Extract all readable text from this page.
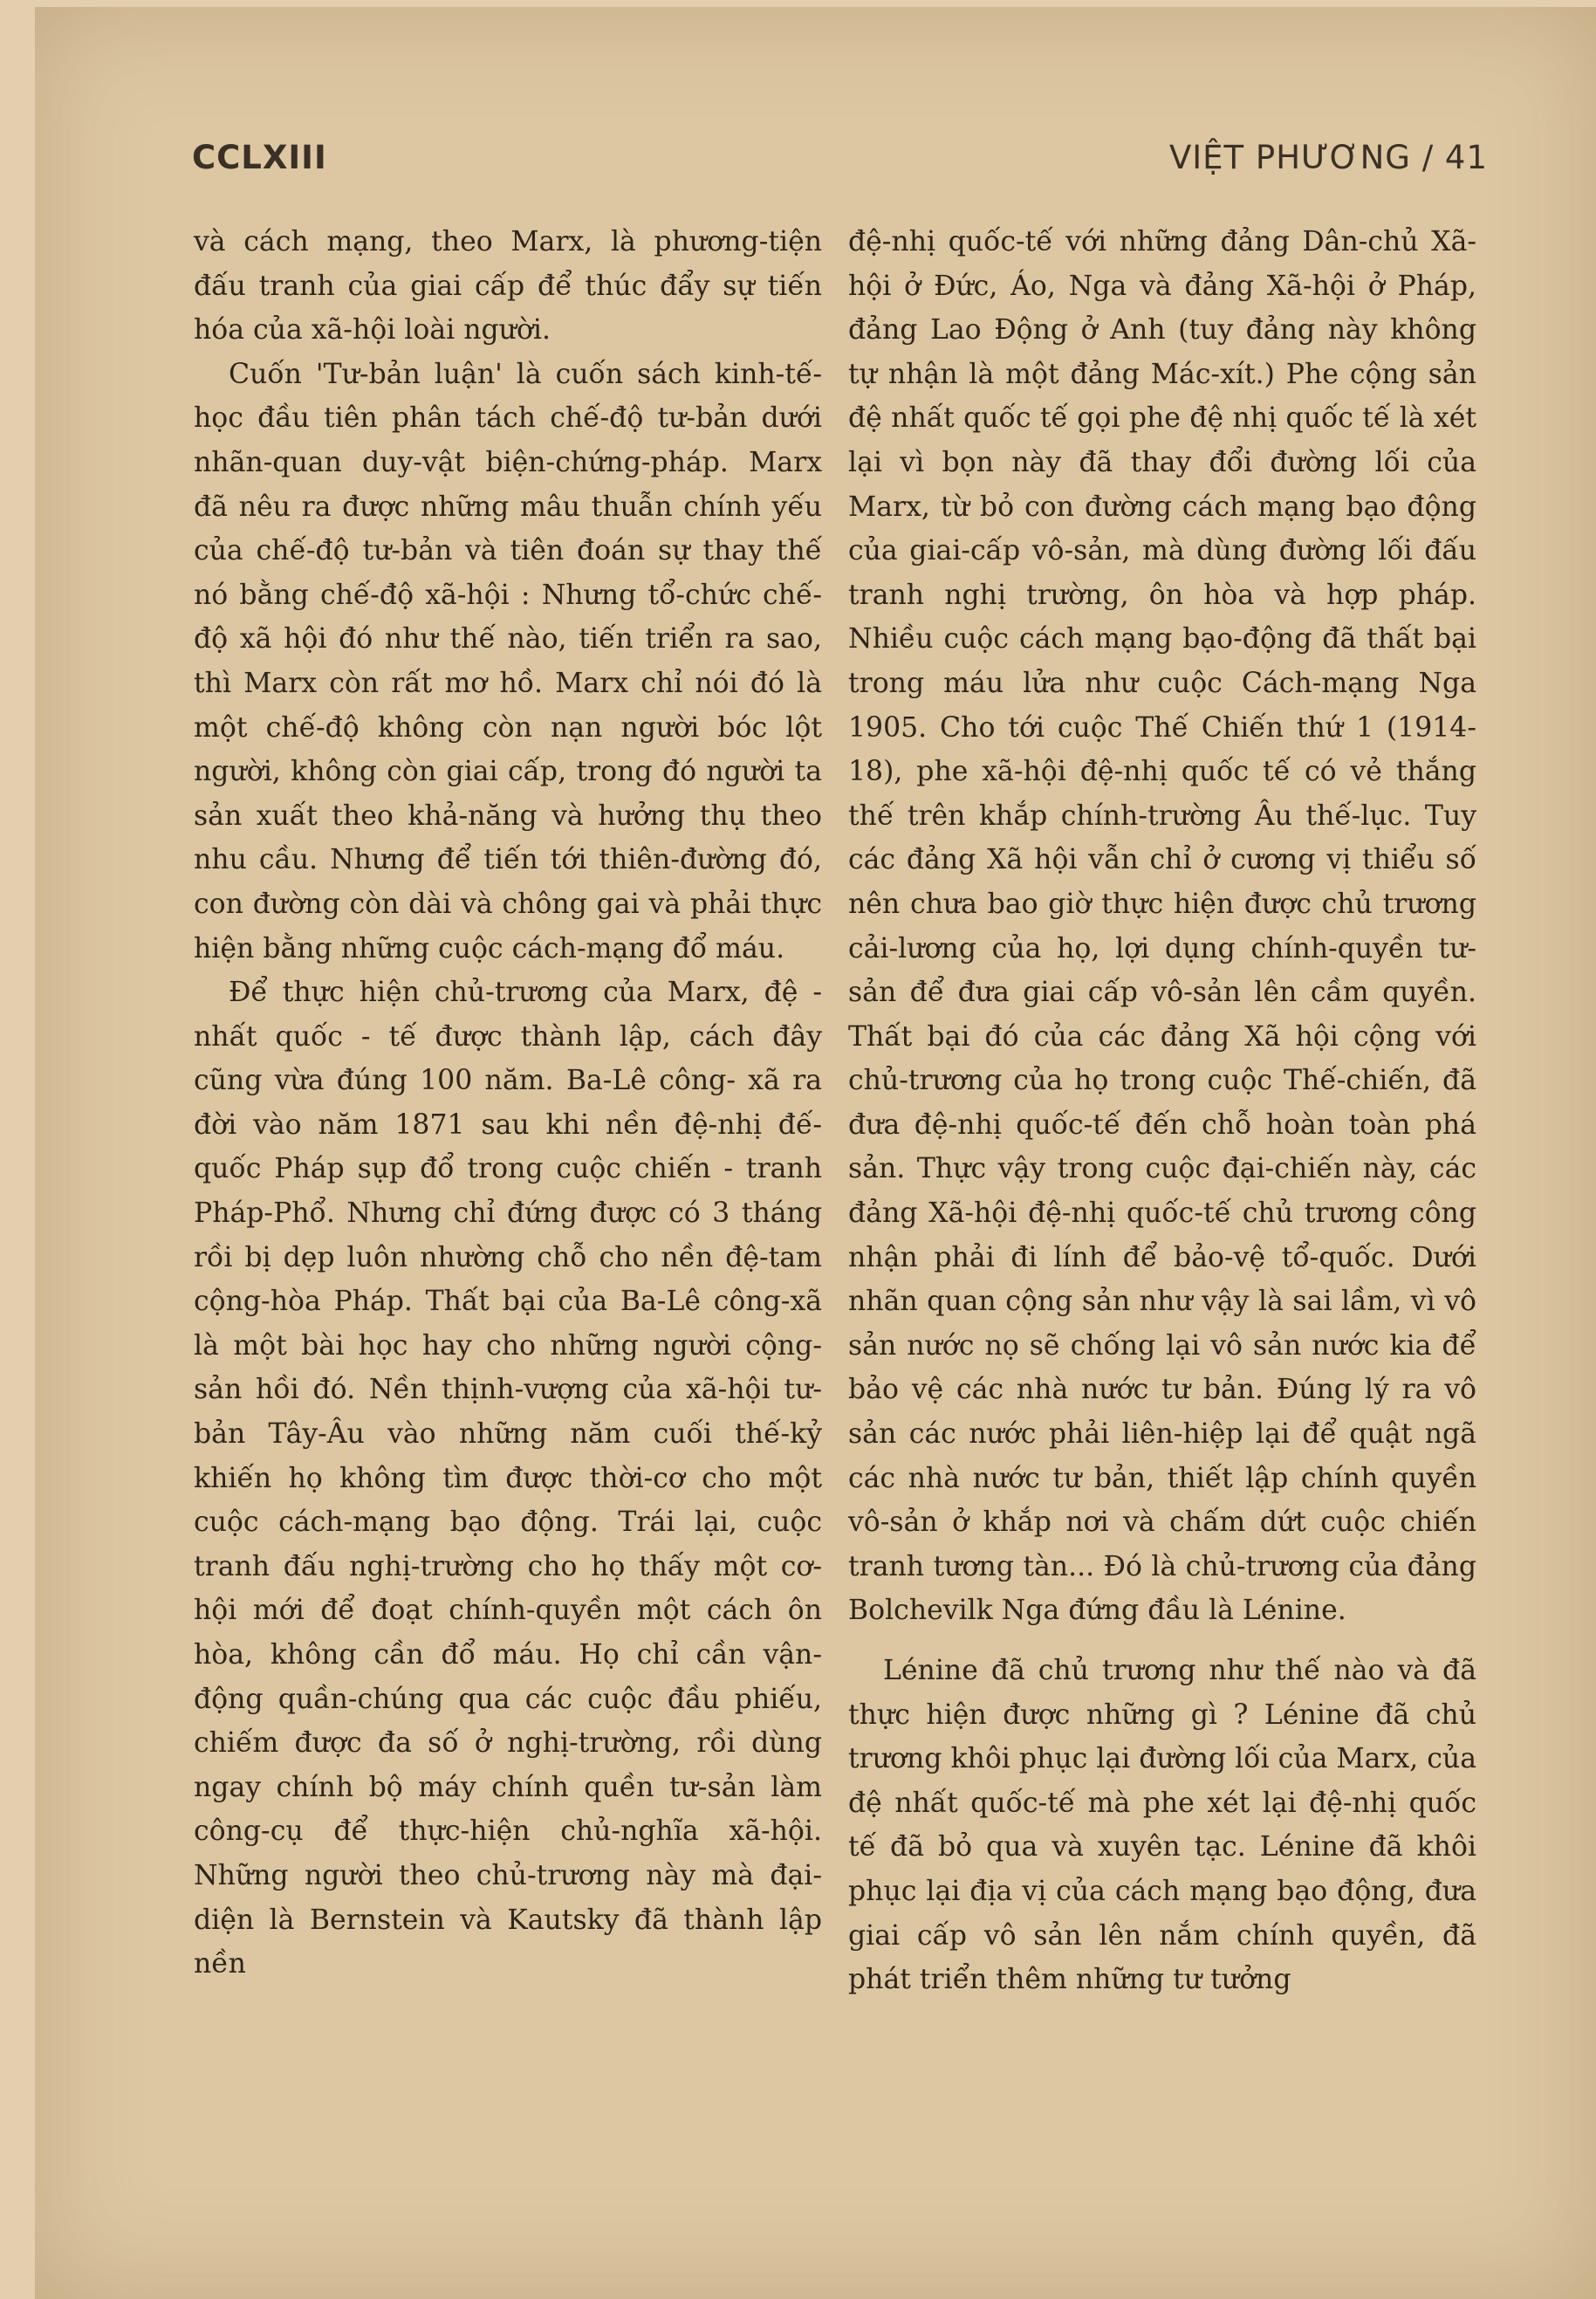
CCLXIII	VIỆT PHƯƠNG / 41

và cách mạng, theo Marx, là phương-tiện đấu tranh của giai cấp để thúc đẩy sự tiến hóa của xã-hội loài người.

Cuốn 'Tư-bản luận' là cuốn sách kinh-tế-học đầu tiên phân tách chế-độ tư-bản dưới nhãn-quan duy-vật biện-chứng-pháp. Marx đã nêu ra được những mâu thuẫn chính yếu của chế-độ tư-bản và tiên đoán sự thay thế nó bằng chế-độ xã-hội : Nhưng tổ-chức chế-độ xã hội đó như thế nào, tiến triển ra sao, thì Marx còn rất mơ hồ. Marx chỉ nói đó là một chế-độ không còn nạn người bóc lột người, không còn giai cấp, trong đó người ta sản xuất theo khả-năng và hưởng thụ theo nhu cầu. Nhưng để tiến tới thiên-đường đó, con đường còn dài và chông gai và phải thực hiện bằng những cuộc cách-mạng đổ máu.

Để thực hiện chủ-trương của Marx, đệ - nhất quốc - tế được thành lập, cách đây cũng vừa đúng 100 năm. Ba-Lê công- xã ra đời vào năm 1871 sau khi nền đệ-nhị đế-quốc Pháp sụp đổ trong cuộc chiến - tranh Pháp-Phổ. Nhưng chỉ đứng được có 3 tháng rồi bị dẹp luôn nhường chỗ cho nền đệ-tam cộng-hòa Pháp. Thất bại của Ba-Lê công-xã là một bài học hay cho những người cộng-sản hồi đó. Nền thịnh-vượng của xã-hội tư-bản Tây-Âu vào những năm cuối thế-kỷ khiến họ không tìm được thời-cơ cho một cuộc cách-mạng bạo động. Trái lại, cuộc tranh đấu nghị-trường cho họ thấy một cơ-hội mới để đoạt chính-quyền một cách ôn hòa, không cần đổ máu. Họ chỉ cần vận-động quần-chúng qua các cuộc đầu phiếu, chiếm được đa số ở nghị-trường, rồi dùng ngay chính bộ máy chính quền tư-sản làm công-cụ để thực-hiện chủ-nghĩa xã-hội. Những người theo chủ-trương này mà đại-diện là Bernstein và Kautsky đã thành lập nền

đệ-nhị quốc-tế với những đảng Dân-chủ Xã-hội ở Đức, Áo, Nga và đảng Xã-hội ở Pháp, đảng Lao Động ở Anh (tuy đảng này không tự nhận là một đảng Mác-xít.) Phe cộng sản đệ nhất quốc tế gọi phe đệ nhị quốc tế là xét lại vì bọn này đã thay đổi đường lối của Marx, từ bỏ con đường cách mạng bạo động của giai-cấp vô-sản, mà dùng đường lối đấu tranh nghị trường, ôn hòa và hợp pháp. Nhiều cuộc cách mạng bạo-động đã thất bại trong máu lửa như cuộc Cách-mạng Nga 1905. Cho tới cuộc Thế Chiến thứ 1 (1914-18), phe xã-hội đệ-nhị quốc tế có vẻ thắng thế trên khắp chính-trường Âu thế-lục. Tuy các đảng Xã hội vẫn chỉ ở cương vị thiểu số nên chưa bao giờ thực hiện được chủ trương cải-lương của họ, lợi dụng chính-quyền tư-sản để đưa giai cấp vô-sản lên cầm quyền. Thất bại đó của các đảng Xã hội cộng với chủ-trương của họ trong cuộc Thế-chiến, đã đưa đệ-nhị quốc-tế đến chỗ hoàn toàn phá sản. Thực vậy trong cuộc đại-chiến này, các đảng Xã-hội đệ-nhị quốc-tế chủ trương công nhận phải đi lính để bảo-vệ tổ-quốc. Dưới nhãn quan cộng sản như vậy là sai lầm, vì vô sản nước nọ sẽ chống lại vô sản nước kia để bảo vệ các nhà nước tư bản. Đúng lý ra vô sản các nước phải liên-hiệp lại để quật ngã các nhà nước tư bản, thiết lập chính quyền vô-sản ở khắp nơi và chấm dứt cuộc chiến tranh tương tàn... Đó là chủ-trương của đảng Bolchevilk Nga đứng đầu là Lénine.

Lénine đã chủ trương như thế nào và đã thực hiện được những gì ? Lénine đã chủ trương khôi phục lại đường lối của Marx, của đệ nhất quốc-tế mà phe xét lại đệ-nhị quốc tế đã bỏ qua và xuyên tạc. Lénine đã khôi phục lại địa vị của cách mạng bạo động, đưa giai cấp vô sản lên nắm chính quyền, đã phát triển thêm những tư tưởng
